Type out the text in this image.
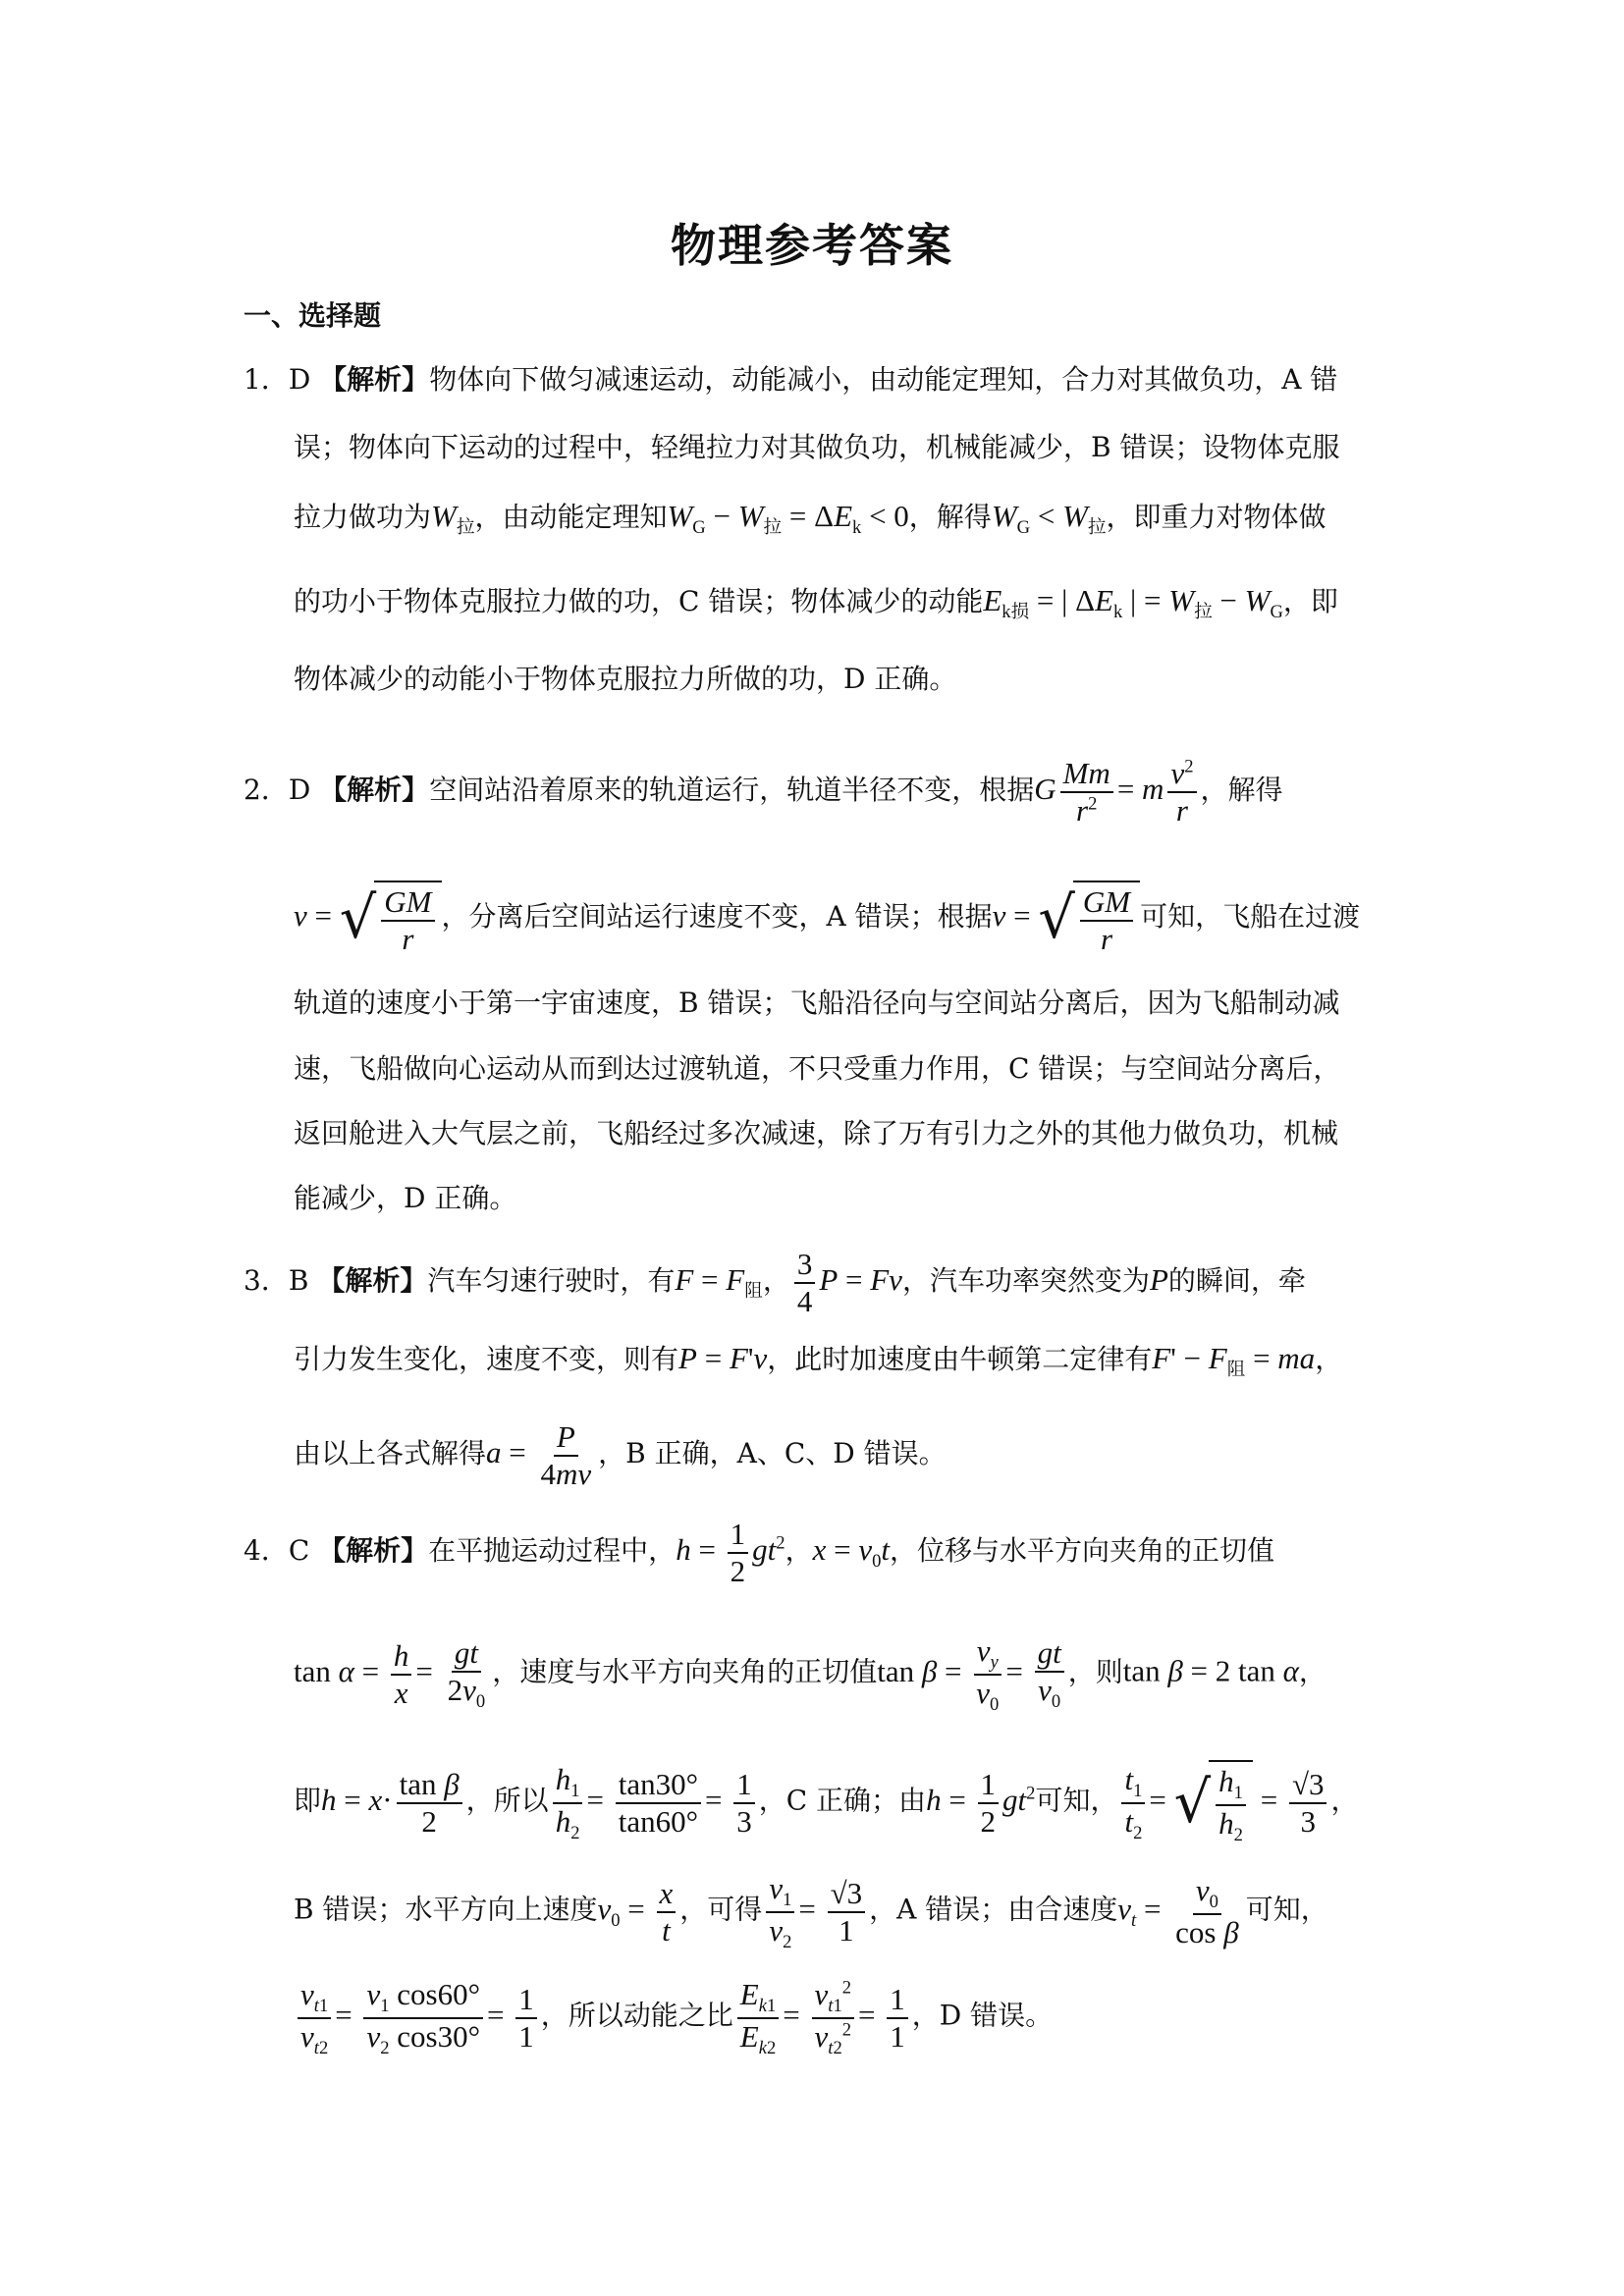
物理参考答案
一、选择题
1．D 【解析】物体向下做匀减速运动，动能减小，由动能定理知，合力对其做负功，A 错
误；物体向下运动的过程中，轻绳拉力对其做负功，机械能减少，B 错误；设物体克服
拉力做功为$W_拉$，由动能定理知$W_G - W_拉 = \Delta E_k < 0$，解得$W_G < W_拉$，即重力对物体做
的功小于物体克服拉力做的功，C 错误；物体减少的动能$E_{k损}$ = | $\Delta E_k$ | = $W_拉 - W_G$，即
物体减少的动能小于物体克服拉力所做的功，D 正确。
2．D 【解析】空间站沿着原来的轨道运行，轨道半径不变，根据G $\frac{Mm}{r^2} = m \frac{v^2}{r}$ ，解得
v = √ $\frac{GM}{r}$ ，分离后空间站运行速度不变，A 错误；根据v = √ $\frac{GM}{r}$ 可知，飞船在过渡
轨道的速度小于第一宇宙速度，B 错误；飞船沿径向与空间站分离后，因为飞船制动减
速，飞船做向心运动从而到达过渡轨道，不只受重力作用，C 错误；与空间站分离后，
返回舱进入大气层之前，飞船经过多次减速，除了万有引力之外的其他力做负功，机械
能减少，D 正确。
3．B 【解析】汽车匀速行驶时，有$F = F_阻$， $\frac{3}{4}$ P = Fv，汽车功率突然变为P的瞬间，牵
引力发生变化，速度不变，则有P = F'v，此时加速度由牛顿第二定律有$F' - F_阻$ = ma，
由以上各式解得$a = \frac{P}{4mv}$ ，B 正确，A、C、D 错误。
4．C 【解析】在平抛运动过程中，$h = \frac{1}{2} gt^2$，$x = v_0t$，位移与水平方向夹角的正切值
$\tan \alpha = \frac{h}{x} = \frac{gt}{2v_0}$ ，速度与水平方向夹角的正切值$\tan \beta = \frac{v_y}{v_0} = \frac{gt}{v_0}$ ，则tan β = 2 tan α，
即$h = x\cdot \frac{\text{tan β}}{2}$ ，所以 $\frac{h_1}{h_2} = \frac{\tan 30^\circ}{\tan 60^\circ} = \frac{1}{3}$ ，C 正确；由$h = \frac{1}{2} gt^2$可知， $\frac{t_1}{t_2}$ = √ $\frac{h_1}{h_2} = \frac{√3}{3}$ ，
B 错误；水平方向上速度$v_0 = \frac{x}{t}$ ，可得 $\frac{v_1}{v_2} = \frac{√3}{1}$ ，A 错误；由合速度$v_t = \frac{v_0}{\text{cos β}}$ 可知，
$\frac{v_{t1}}{v_{t2}} = \frac{v_1 \cos 60^\circ}{v_2 \cos 30^\circ} = \frac{1}{1}$ ，所以动能之比 $\frac{E_{k1}}{E_{k2}} = \frac{v_{t1}^2}{v_{t2}^2} = \frac{1}{1}$ ，D 错误。
